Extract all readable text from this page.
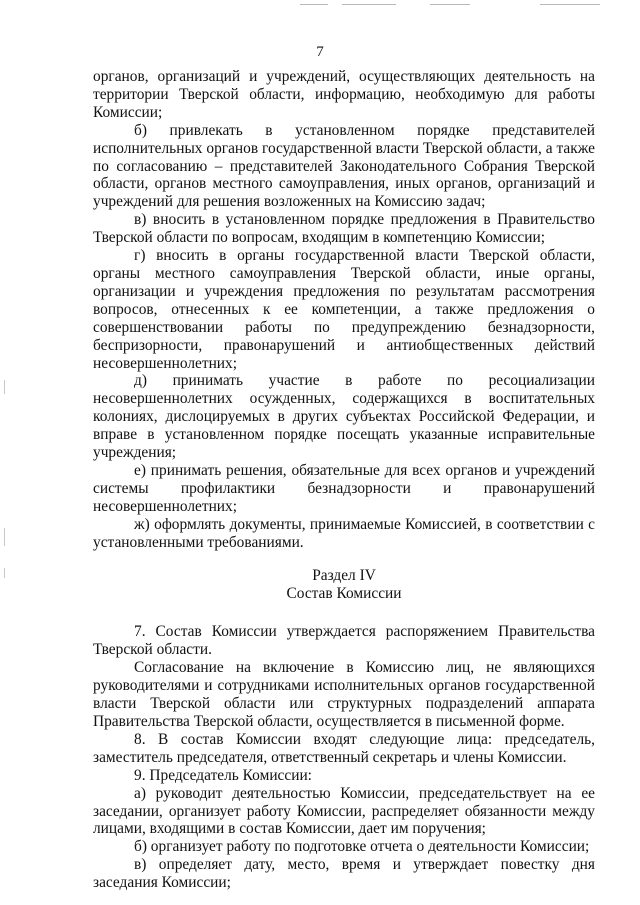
7

органов, организаций и учреждений, осуществляющих деятельность на территории Тверской области, информацию, необходимую для работы Комиссии;

б) привлекать в установленном порядке представителей исполнительных органов государственной власти Тверской области, а также по согласованию – представителей Законодательного Собрания Тверской области, органов местного самоуправления, иных органов, организаций и учреждений для решения возложенных на Комиссию задач;

в) вносить в установленном порядке предложения в Правительство Тверской области по вопросам, входящим в компетенцию Комиссии;

г) вносить в органы государственной власти Тверской области, органы местного самоуправления Тверской области, иные органы, организации и учреждения предложения по результатам рассмотрения вопросов, отнесенных к ее компетенции, а также предложения о совершенствовании работы по предупреждению безнадзорности, беспризорности, правонарушений и антиобщественных действий несовершеннолетних;

д) принимать участие в работе по ресоциализации несовершеннолетних осужденных, содержащихся в воспитательных колониях, дислоцируемых в других субъектах Российской Федерации, и вправе в установленном порядке посещать указанные исправительные учреждения;

е) принимать решения, обязательные для всех органов и учреждений системы профилактики безнадзорности и правонарушений несовершеннолетних;

ж) оформлять документы, принимаемые Комиссией, в соответствии с установленными требованиями.

Раздел IV
Состав Комиссии

7. Состав Комиссии утверждается распоряжением Правительства Тверской области.

Согласование на включение в Комиссию лиц, не являющихся руководителями и сотрудниками исполнительных органов государственной власти Тверской области или структурных подразделений аппарата Правительства Тверской области, осуществляется в письменной форме.

8. В состав Комиссии входят следующие лица: председатель, заместитель председателя, ответственный секретарь и члены Комиссии.

9. Председатель Комиссии:

а) руководит деятельностью Комиссии, председательствует на ее заседании, организует работу Комиссии, распределяет обязанности между лицами, входящими в состав Комиссии, дает им поручения;

б) организует работу по подготовке отчета о деятельности Комиссии;

в) определяет дату, место, время и утверждает повестку дня заседания Комиссии;
